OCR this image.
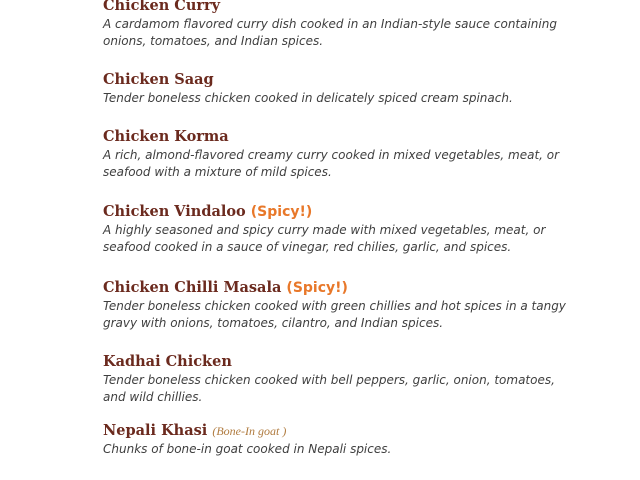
Chicken Curry

A cardamom flavored curry dish cooked in an Indian-style sauce containing onions, tomatoes, and Indian spices.

Chicken Saag

Tender boneless chicken cooked in delicately spiced cream spinach.

Chicken Korma

A rich, almond-flavored creamy curry cooked in mixed vegetables, meat, or seafood with a mixture of mild spices.

Chicken Vindaloo (Spicy!)

A highly seasoned and spicy curry made with mixed vegetables, meat, or seafood cooked in a sauce of vinegar, red chilies, garlic, and spices.

Chicken Chilli Masala (Spicy!)

Tender boneless chicken cooked with green chillies and hot spices in a tangy gravy with onions, tomatoes, cilantro, and Indian spices.

Kadhai Chicken

Tender boneless chicken cooked with bell peppers, garlic, onion, tomatoes, and wild chillies.

Nepali Khasi (Bone-In goat )

Chunks of bone-in goat cooked in Nepali spices.
